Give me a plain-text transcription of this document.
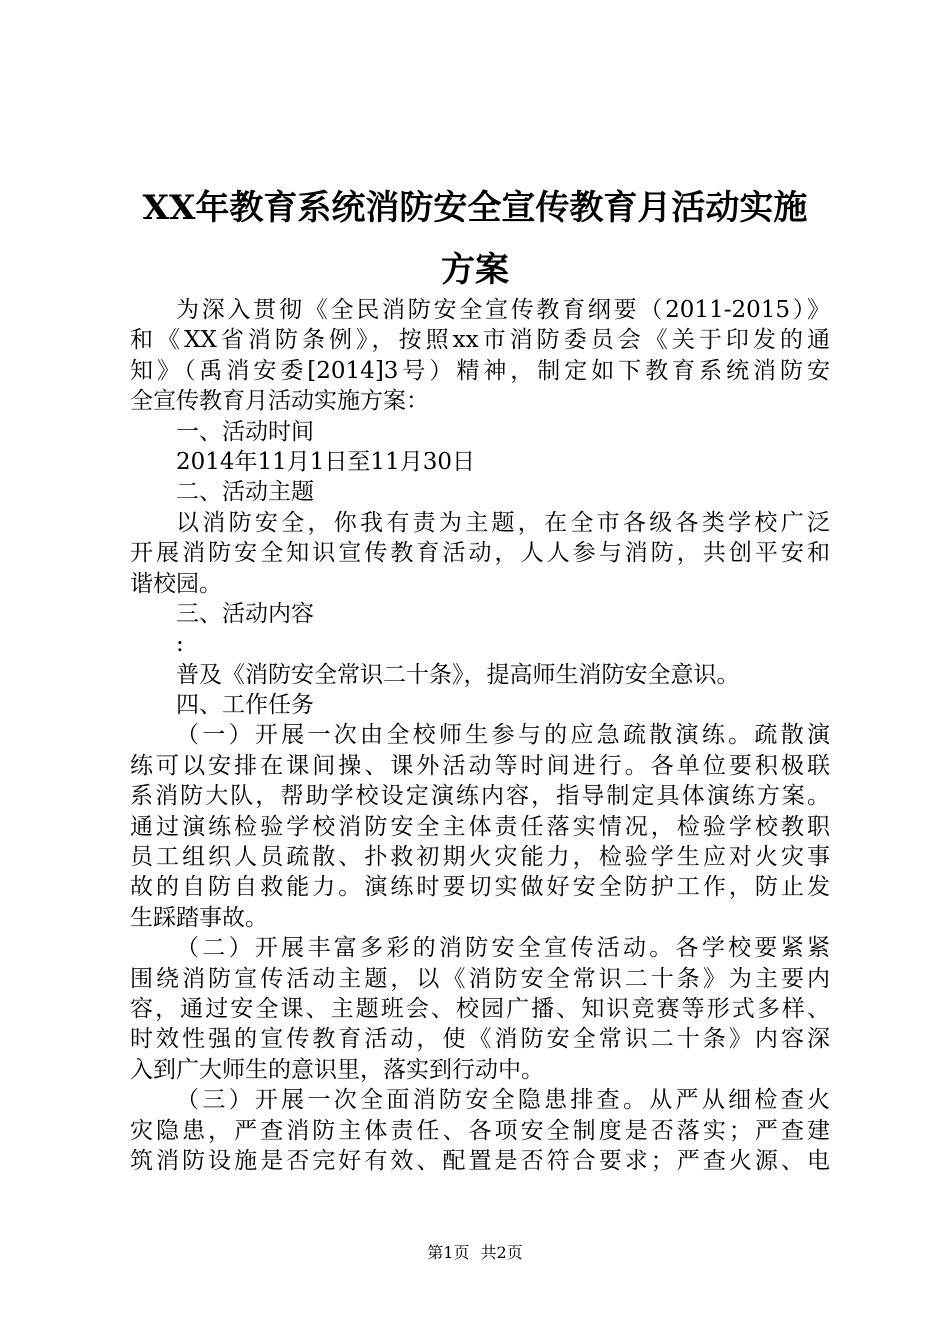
XX年教育系统消防安全宣传教育月活动实施
方案
为深入贯彻《全民消防安全宣传教育纲要（2011-2015）》
和《XX省消防条例》，按照xx市消防委员会《关于印发的通
知》（禹消安委[2014]3号）精神，制定如下教育系统消防安
全宣传教育月活动实施方案：
一、活动时间
2014年11月1日至11月30日
二、活动主题
以消防安全，你我有责为主题，在全市各级各类学校广泛
开展消防安全知识宣传教育活动，人人参与消防，共创平安和
谐校园。
三、活动内容
:
普及《消防安全常识二十条》，提高师生消防安全意识。
四、工作任务
（一）开展一次由全校师生参与的应急疏散演练。疏散演
练可以安排在课间操、课外活动等时间进行。各单位要积极联
系消防大队，帮助学校设定演练内容，指导制定具体演练方案。
通过演练检验学校消防安全主体责任落实情况，检验学校教职
员工组织人员疏散、扑救初期火灾能力，检验学生应对火灾事
故的自防自救能力。演练时要切实做好安全防护工作，防止发
生踩踏事故。
（二）开展丰富多彩的消防安全宣传活动。各学校要紧紧
围绕消防宣传活动主题，以《消防安全常识二十条》为主要内
容，通过安全课、主题班会、校园广播、知识竞赛等形式多样、
时效性强的宣传教育活动，使《消防安全常识二十条》内容深
入到广大师生的意识里，落实到行动中。
（三）开展一次全面消防安全隐患排查。从严从细检查火
灾隐患，严查消防主体责任、各项安全制度是否落实；严查建
筑消防设施是否完好有效、配置是否符合要求；严查火源、电
第1页 共2页
